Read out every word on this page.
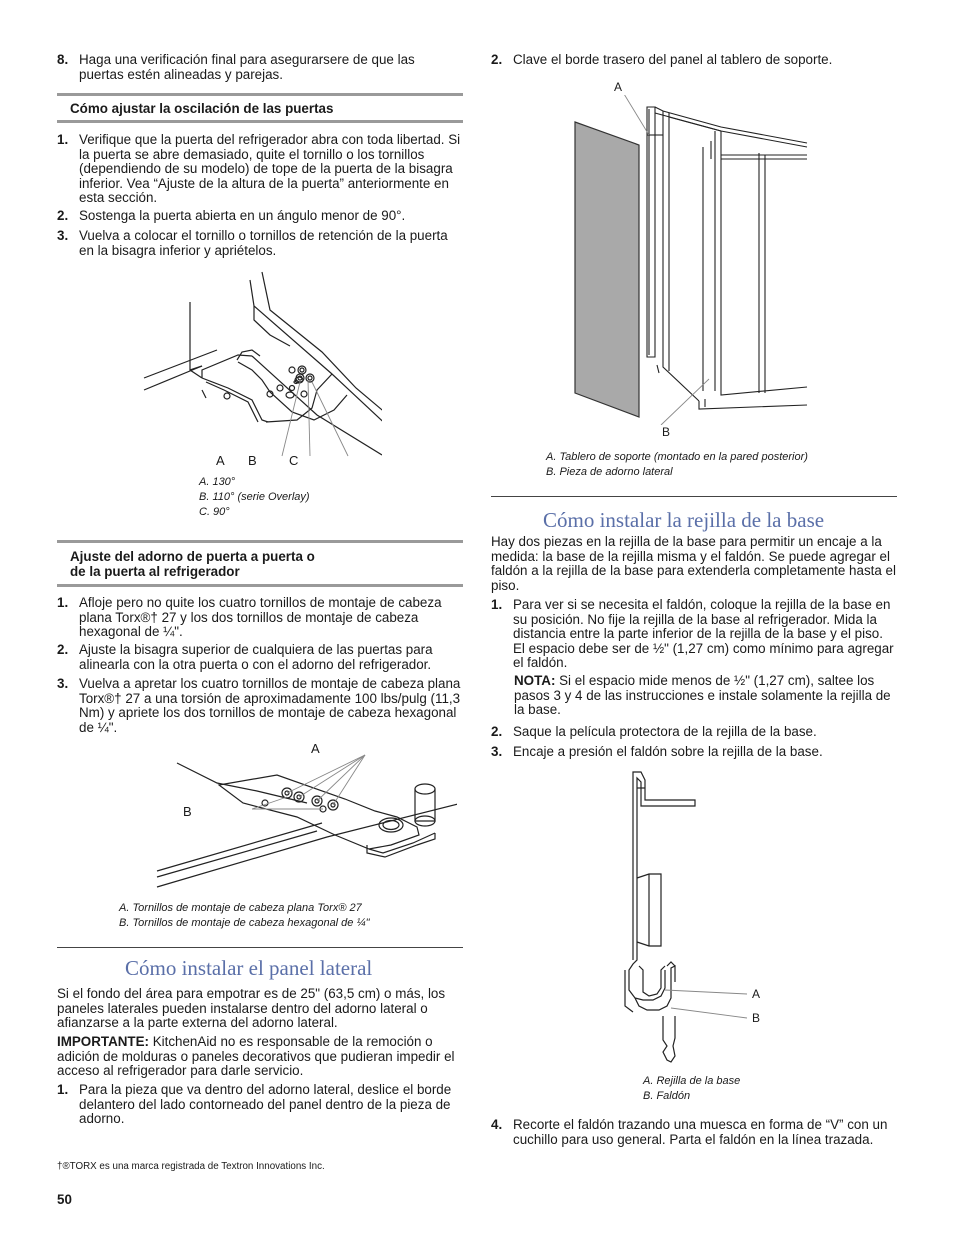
8. Haga una verificación final para asegurarsere de que las puertas estén alineadas y parejas.
Cómo ajustar la oscilación de las puertas
1. Verifique que la puerta del refrigerador abra con toda libertad. Si la puerta se abre demasiado, quite el tornillo o los tornillos (dependiendo de su modelo) de tope de la puerta de la bisagra inferior. Vea “Ajuste de la altura de la puerta” anteriormente en esta sección.
2. Sostenga la puerta abierta en un ángulo menor de 90°.
3. Vuelva a colocar el tornillo o tornillos de retención de la puerta en la bisagra inferior y apriételos.
A B C
A. 130°
B. 110° (serie Overlay)
C. 90°
Ajuste del adorno de puerta a puerta o
de la puerta al refrigerador
1. Afloje pero no quite los cuatro tornillos de montaje de cabeza plana Torx®† 27 y los dos tornillos de montaje de cabeza hexagonal de ¼".
2. Ajuste la bisagra superior de cualquiera de las puertas para alinearla con la otra puerta o con el adorno del refrigerador.
3. Vuelva a apretar los cuatro tornillos de montaje de cabeza plana Torx®† 27 a una torsión de aproximadamente 100 lbs/pulg (11,3 Nm) y apriete los dos tornillos de montaje de cabeza hexagonal de ¼".
A
B
A. Tornillos de montaje de cabeza plana Torx® 27
B. Tornillos de montaje de cabeza hexagonal de ¼"
Cómo instalar el panel lateral

Si el fondo del área para empotrar es de 25" (63,5 cm) o más, los paneles laterales pueden instalarse dentro del adorno lateral o afianzarse a la parte externa del adorno lateral.

IMPORTANTE: KitchenAid no es responsable de la remoción o adición de molduras o paneles decorativos que pudieran impedir el acceso al refrigerador para darle servicio.

1. Para la pieza que va dentro del adorno lateral, deslice el borde delantero del lado contorneado del panel dentro de la pieza de adorno.
†®TORX es una marca registrada de Textron Innovations Inc.
50
2. Clave el borde trasero del panel al tablero de soporte.
A
B
A. Tablero de soporte (montado en la pared posterior)
B. Pieza de adorno lateral
Cómo instalar la rejilla de la base

Hay dos piezas en la rejilla de la base para permitir un encaje a la medida: la base de la rejilla misma y el faldón. Se puede agregar el faldón a la rejilla de la base para extenderla completamente hasta el piso.

1. Para ver si se necesita el faldón, coloque la rejilla de la base en su posición. No fije la rejilla de la base al refrigerador. Mida la distancia entre la parte inferior de la rejilla de la base y el piso. El espacio debe ser de ½" (1,27 cm) como mínimo para agregar el faldón.

NOTA: Si el espacio mide menos de ½" (1,27 cm), saltee los pasos 3 y 4 de las instrucciones e instale solamente la rejilla de la base.

2. Saque la película protectora de la rejilla de la base.
3. Encaje a presión el faldón sobre la rejilla de la base.
A
B
A. Rejilla de la base
B. Faldón
4. Recorte el faldón trazando una muesca en forma de “V” con un cuchillo para uso general. Parta el faldón en la línea trazada.
